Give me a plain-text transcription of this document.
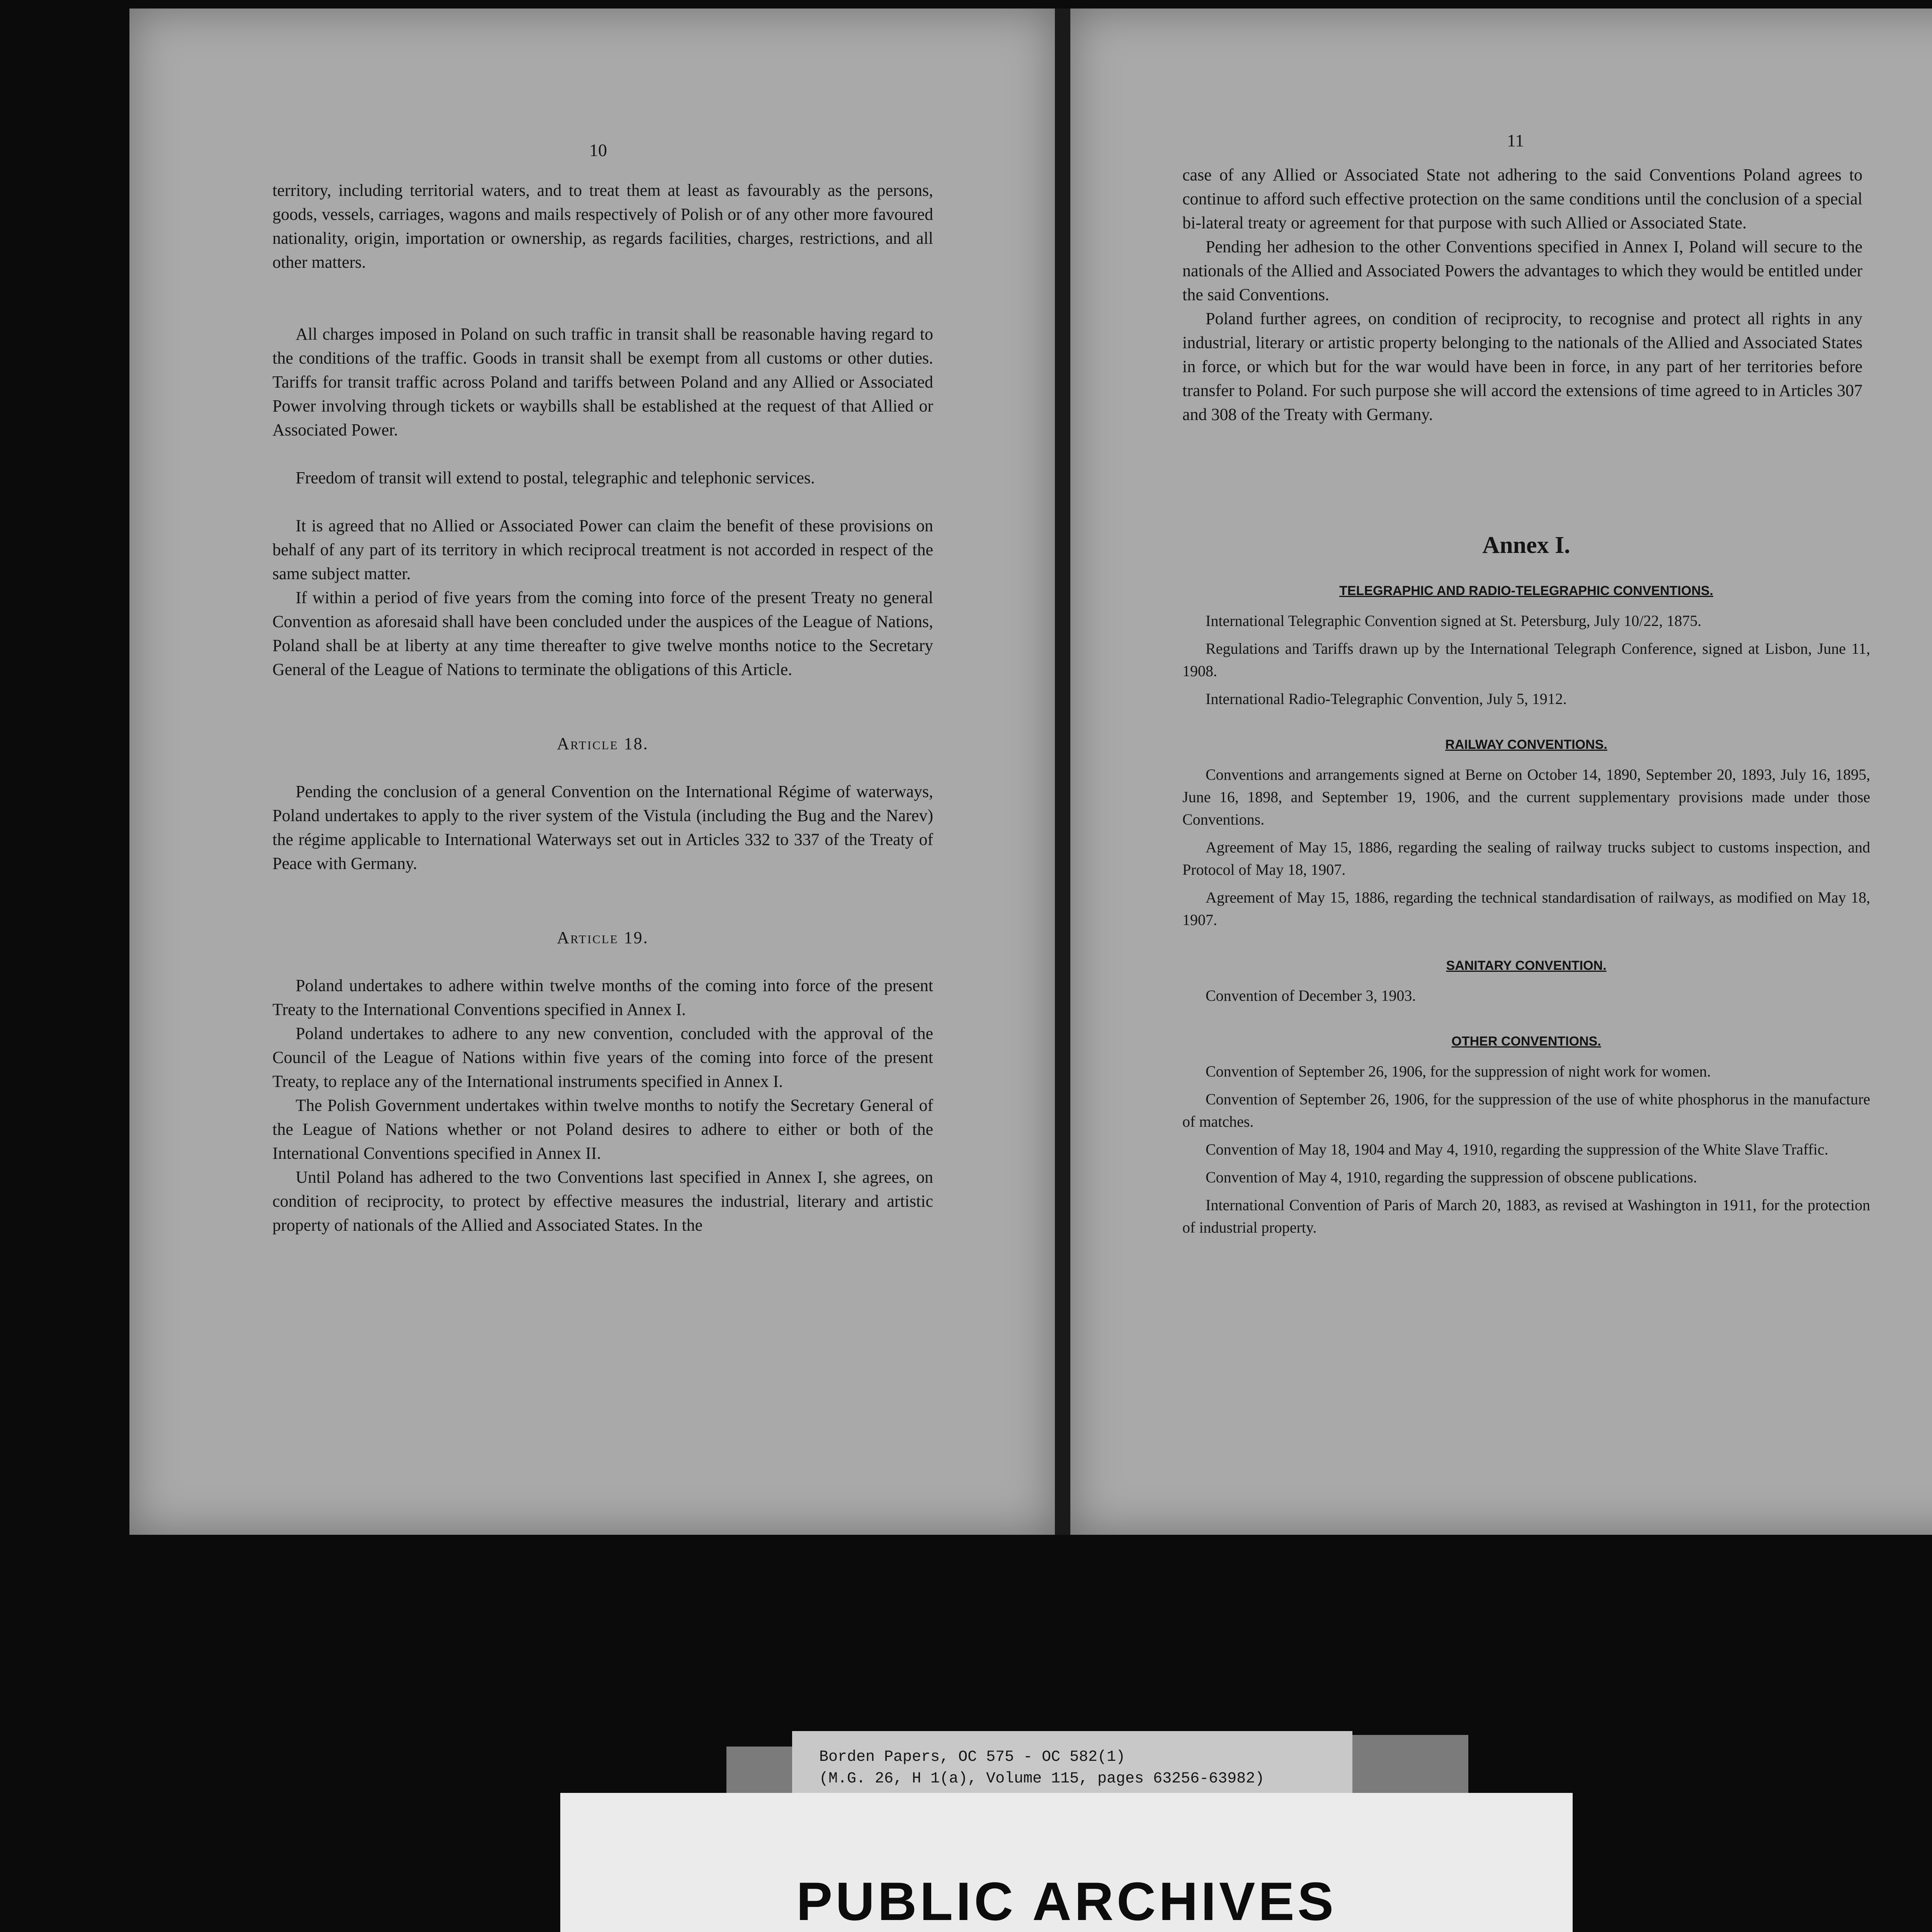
10

territory, including territorial waters, and to treat them at least as favourably as the persons, goods, vessels, carriages, wagons and mails respectively of Polish or of any other more favoured nationality, origin, importation or ownership, as regards facilities, charges, restrictions, and all other matters.

All charges imposed in Poland on such traffic in transit shall be reasonable having regard to the conditions of the traffic. Goods in transit shall be exempt from all customs or other duties. Tariffs for transit traffic across Poland and tariffs between Poland and any Allied or Associated Power involving through tickets or waybills shall be established at the request of that Allied or Associated Power.

Freedom of transit will extend to postal, telegraphic and telephonic services.

It is agreed that no Allied or Associated Power can claim the benefit of these provisions on behalf of any part of its territory in which reciprocal treatment is not accorded in respect of the same subject matter.

If within a period of five years from the coming into force of the present Treaty no general Convention as aforesaid shall have been concluded under the auspices of the League of Nations, Poland shall be at liberty at any time thereafter to give twelve months notice to the Secretary General of the League of Nations to terminate the obligations of this Article.

Article 18.

Pending the conclusion of a general Convention on the International Régime of waterways, Poland undertakes to apply to the river system of the Vistula (including the Bug and the Narev) the régime applicable to International Waterways set out in Articles 332 to 337 of the Treaty of Peace with Germany.

Article 19.

Poland undertakes to adhere within twelve months of the coming into force of the present Treaty to the International Conventions specified in Annex I.

Poland undertakes to adhere to any new convention, concluded with the approval of the Council of the League of Nations within five years of the coming into force of the present Treaty, to replace any of the International instruments specified in Annex I.

The Polish Government undertakes within twelve months to notify the Secretary General of the League of Nations whether or not Poland desires to adhere to either or both of the International Conventions specified in Annex II.

Until Poland has adhered to the two Conventions last specified in Annex I, she agrees, on condition of reciprocity, to protect by effective measures the industrial, literary and artistic property of nationals of the Allied and Associated States. In the

11

case of any Allied or Associated State not adhering to the said Conventions Poland agrees to continue to afford such effective protection on the same conditions until the conclusion of a special bi-lateral treaty or agreement for that purpose with such Allied or Associated State.

Pending her adhesion to the other Conventions specified in Annex I, Poland will secure to the nationals of the Allied and Associated Powers the advantages to which they would be entitled under the said Conventions.

Poland further agrees, on condition of reciprocity, to recognise and protect all rights in any industrial, literary or artistic property belonging to the nationals of the Allied and Associated States in force, or which but for the war would have been in force, in any part of her territories before transfer to Poland. For such purpose she will accord the extensions of time agreed to in Articles 307 and 308 of the Treaty with Germany.

Annex I.

TELEGRAPHIC AND RADIO-TELEGRAPHIC CONVENTIONS.

International Telegraphic Convention signed at St. Petersburg, July 10/22, 1875.

Regulations and Tariffs drawn up by the International Telegraph Conference, signed at Lisbon, June 11, 1908.

International Radio-Telegraphic Convention, July 5, 1912.

RAILWAY CONVENTIONS.

Conventions and arrangements signed at Berne on October 14, 1890, September 20, 1893, July 16, 1895, June 16, 1898, and September 19, 1906, and the current supplementary provisions made under those Conventions.

Agreement of May 15, 1886, regarding the sealing of railway trucks subject to customs inspection, and Protocol of May 18, 1907.

Agreement of May 15, 1886, regarding the technical standardisation of railways, as modified on May 18, 1907.

SANITARY CONVENTION.

Convention of December 3, 1903.

OTHER CONVENTIONS.

Convention of September 26, 1906, for the suppression of night work for women.

Convention of September 26, 1906, for the suppression of the use of white phosphorus in the manufacture of matches.

Convention of May 18, 1904 and May 4, 1910, regarding the suppression of the White Slave Traffic.

Convention of May 4, 1910, regarding the suppression of obscene publications.

International Convention of Paris of March 20, 1883, as revised at Washington in 1911, for the protection of industrial property.

Borden Papers, OC 575 - OC 582(1)
(M.G. 26, H 1(a), Volume 115, pages 63256-63982)
PUBLIC ARCHIVES
